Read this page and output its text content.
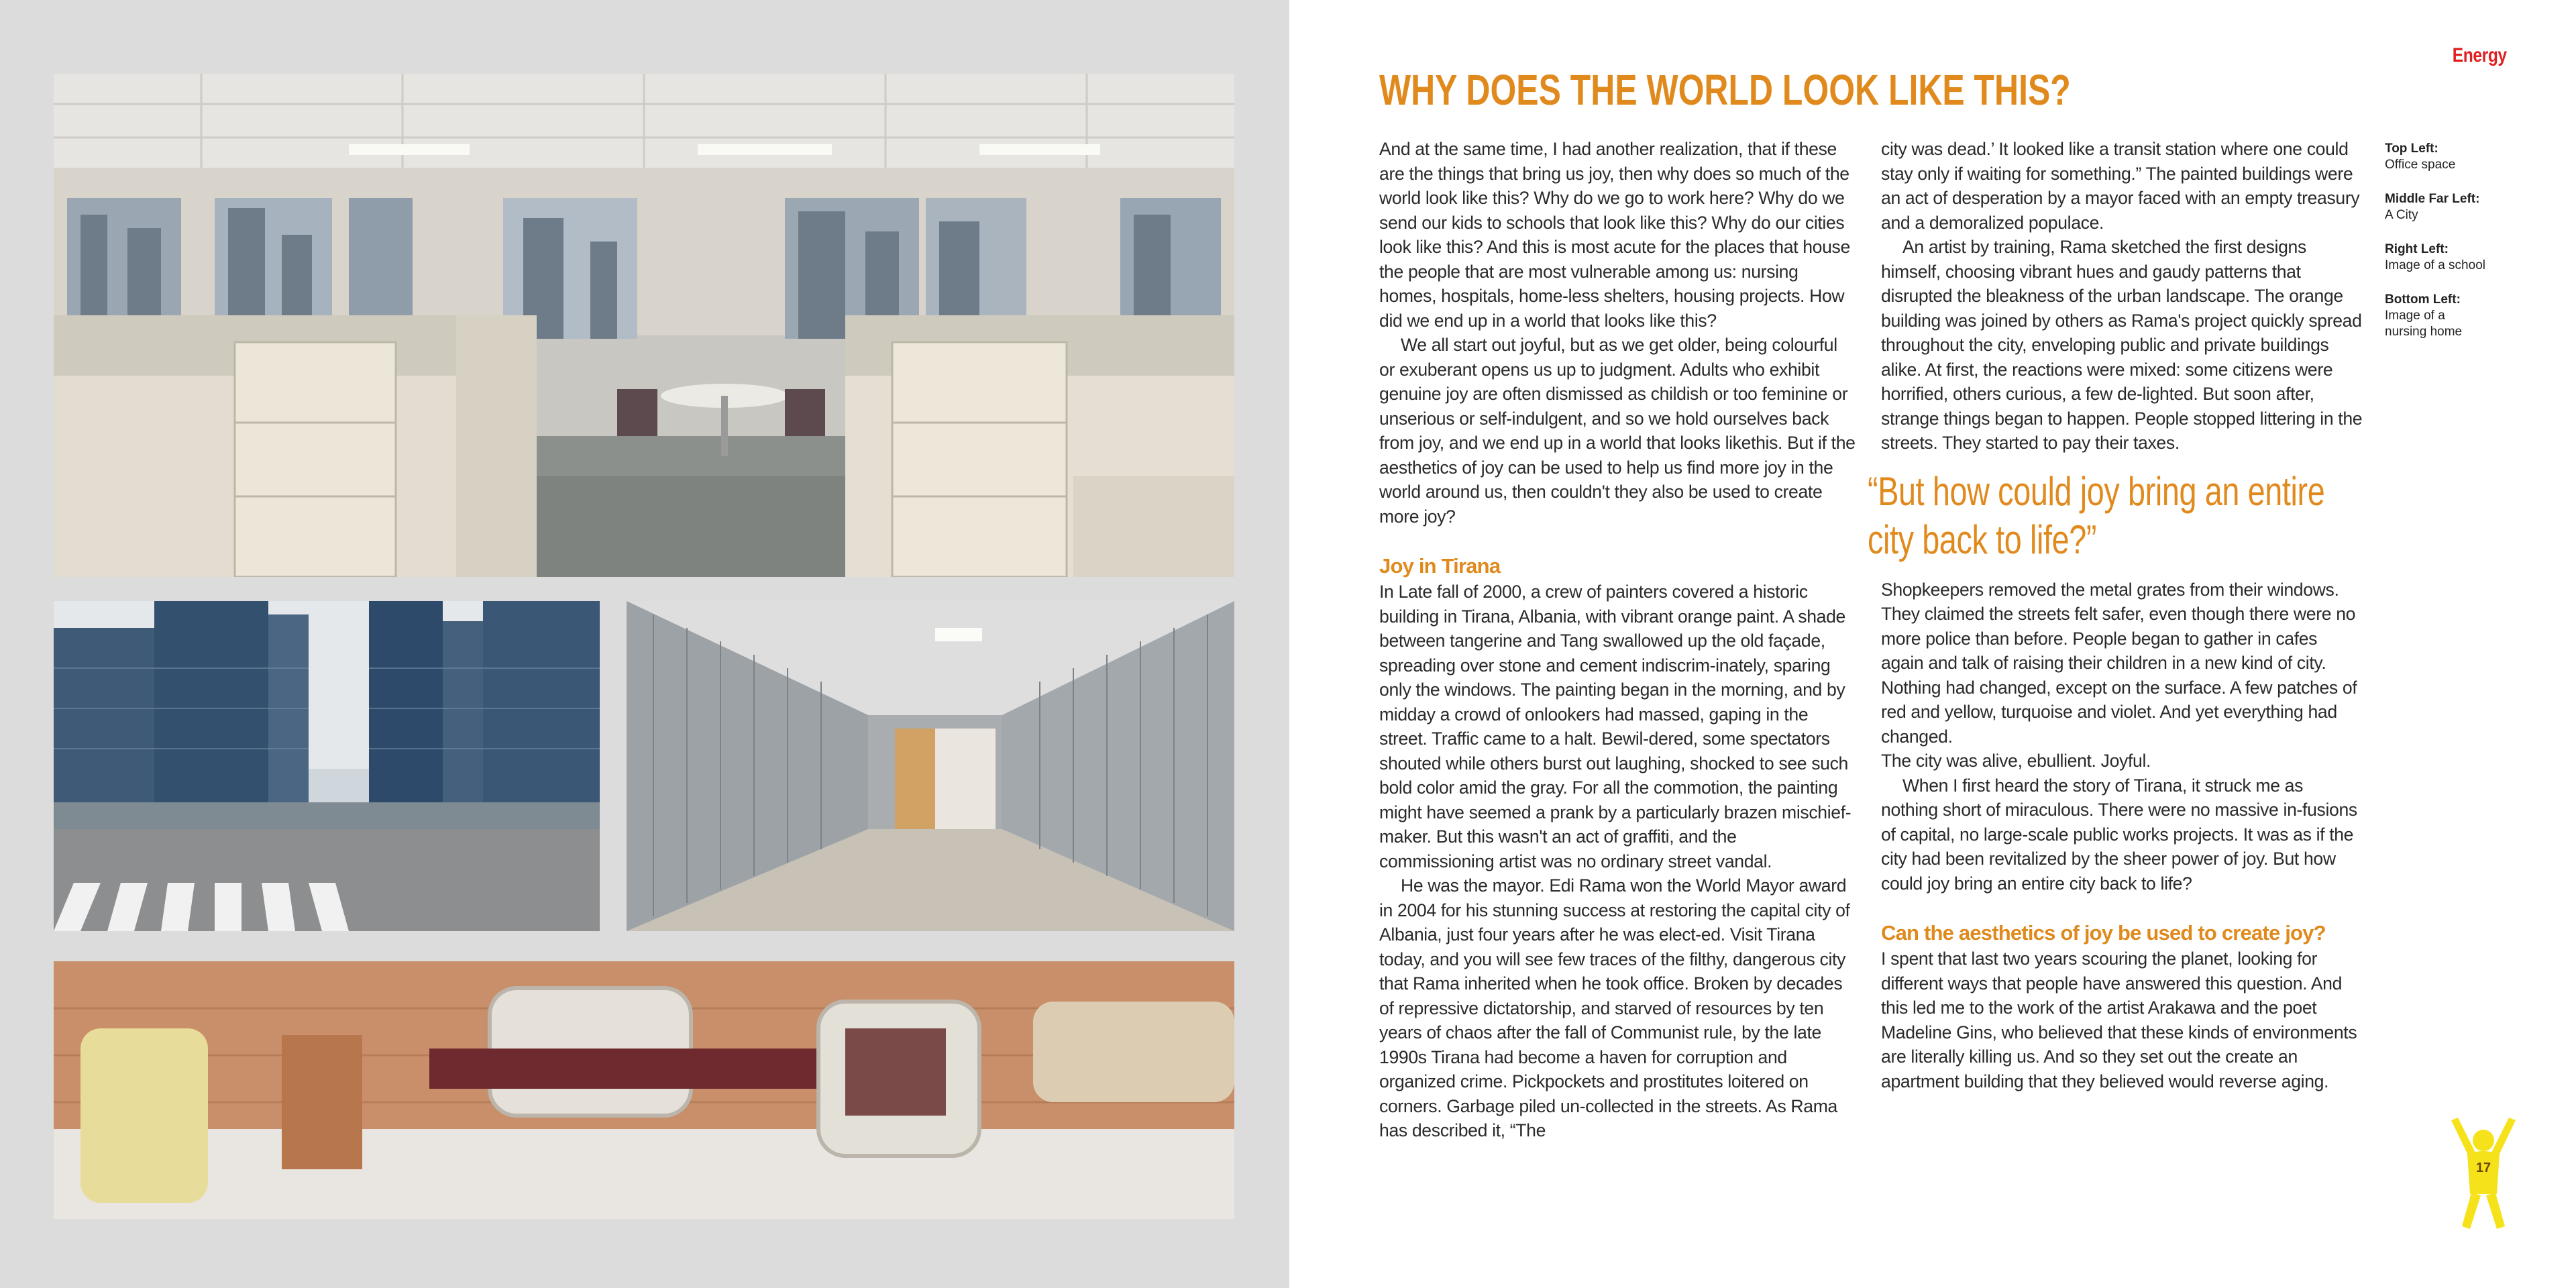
Energy
WHY DOES THE WORLD LOOK LIKE THIS?

And at the same time, I had another realization, that if these are the things that bring us joy, then why does so much of the world look like this? Why do we go to work here? Why do we send our kids to schools that look like this? Why do our cities look like this? And this is most acute for the places that house the people that are most vulnerable among us: nursing homes, hospitals, home-less shelters, housing projects. How did we end up in a world that looks like this?

We all start out joyful, but as we get older, being colourful or exuberant opens us up to judgment. Adults who exhibit genuine joy are often dismissed as childish or too feminine or unserious or self-indulgent, and so we hold ourselves back from joy, and we end up in a world that looks likethis. But if the aesthetics of joy can be used to help us find more joy in the world around us, then couldn't they also be used to create more joy?

Joy in Tirana

In Late fall of 2000, a crew of painters covered a historic building in Tirana, Albania, with vibrant orange paint. A shade between tangerine and Tang swallowed up the old façade, spreading over stone and cement indiscrim-inately, sparing only the windows. The painting began in the morning, and by midday a crowd of onlookers had massed, gaping in the street. Traffic came to a halt. Bewil-dered, some spectators shouted while others burst out laughing, shocked to see such bold color amid the gray. For all the commotion, the painting might have seemed a prank by a particularly brazen mischief-maker. But this wasn't an act of graffiti, and the commissioning artist was no ordinary street vandal.

He was the mayor. Edi Rama won the World Mayor award in 2004 for his stunning success at restoring the capital city of Albania, just four years after he was elect-ed. Visit Tirana today, and you will see few traces of the filthy, dangerous city that Rama inherited when he took office. Broken by decades of repressive dictatorship, and starved of resources by ten years of chaos after the fall of Communist rule, by the late 1990s Tirana had become a haven for corruption and organized crime. Pickpockets and prostitutes loitered on corners. Garbage piled un-collected in the streets. As Rama has described it, “The

city was dead.’ It looked like a transit station where one could stay only if waiting for something.” The painted buildings were an act of desperation by a mayor faced with an empty treasury and a demoralized populace.

An artist by training, Rama sketched the first designs himself, choosing vibrant hues and gaudy patterns that disrupted the bleakness of the urban landscape. The orange building was joined by others as Rama's project quickly spread throughout the city, enveloping public and private buildings alike. At first, the reactions were mixed: some citizens were horrified, others curious, a few de-lighted. But soon after, strange things began to happen. People stopped littering in the streets. They started to pay their taxes.

“But how could joy bring an entire city back to life?”

Shopkeepers removed the metal grates from their windows. They claimed the streets felt safer, even though there were no more police than before. People began to gather in cafes again and talk of raising their children in a new kind of city. Nothing had changed, except on the surface. A few patches of red and yellow, turquoise and violet. And yet everything had changed.

The city was alive, ebullient. Joyful.

When I first heard the story of Tirana, it struck me as nothing short of miraculous. There were no massive in-fusions of capital, no large-scale public works projects. It was as if the city had been revitalized by the sheer power of joy. But how could joy bring an entire city back to life?

Can the aesthetics of joy be used to create joy?

I spent that last two years scouring the planet, looking for different ways that people have answered this question. And this led me to the work of the artist Arakawa and the poet Madeline Gins, who believed that these kinds of environments are literally killing us. And so they set out the create an apartment building that they believed would reverse aging.

Top Left:
Office space
Middle Far Left: A City
Right Left:
Image of a school
Bottom Left:
Image of a nursing home
17
